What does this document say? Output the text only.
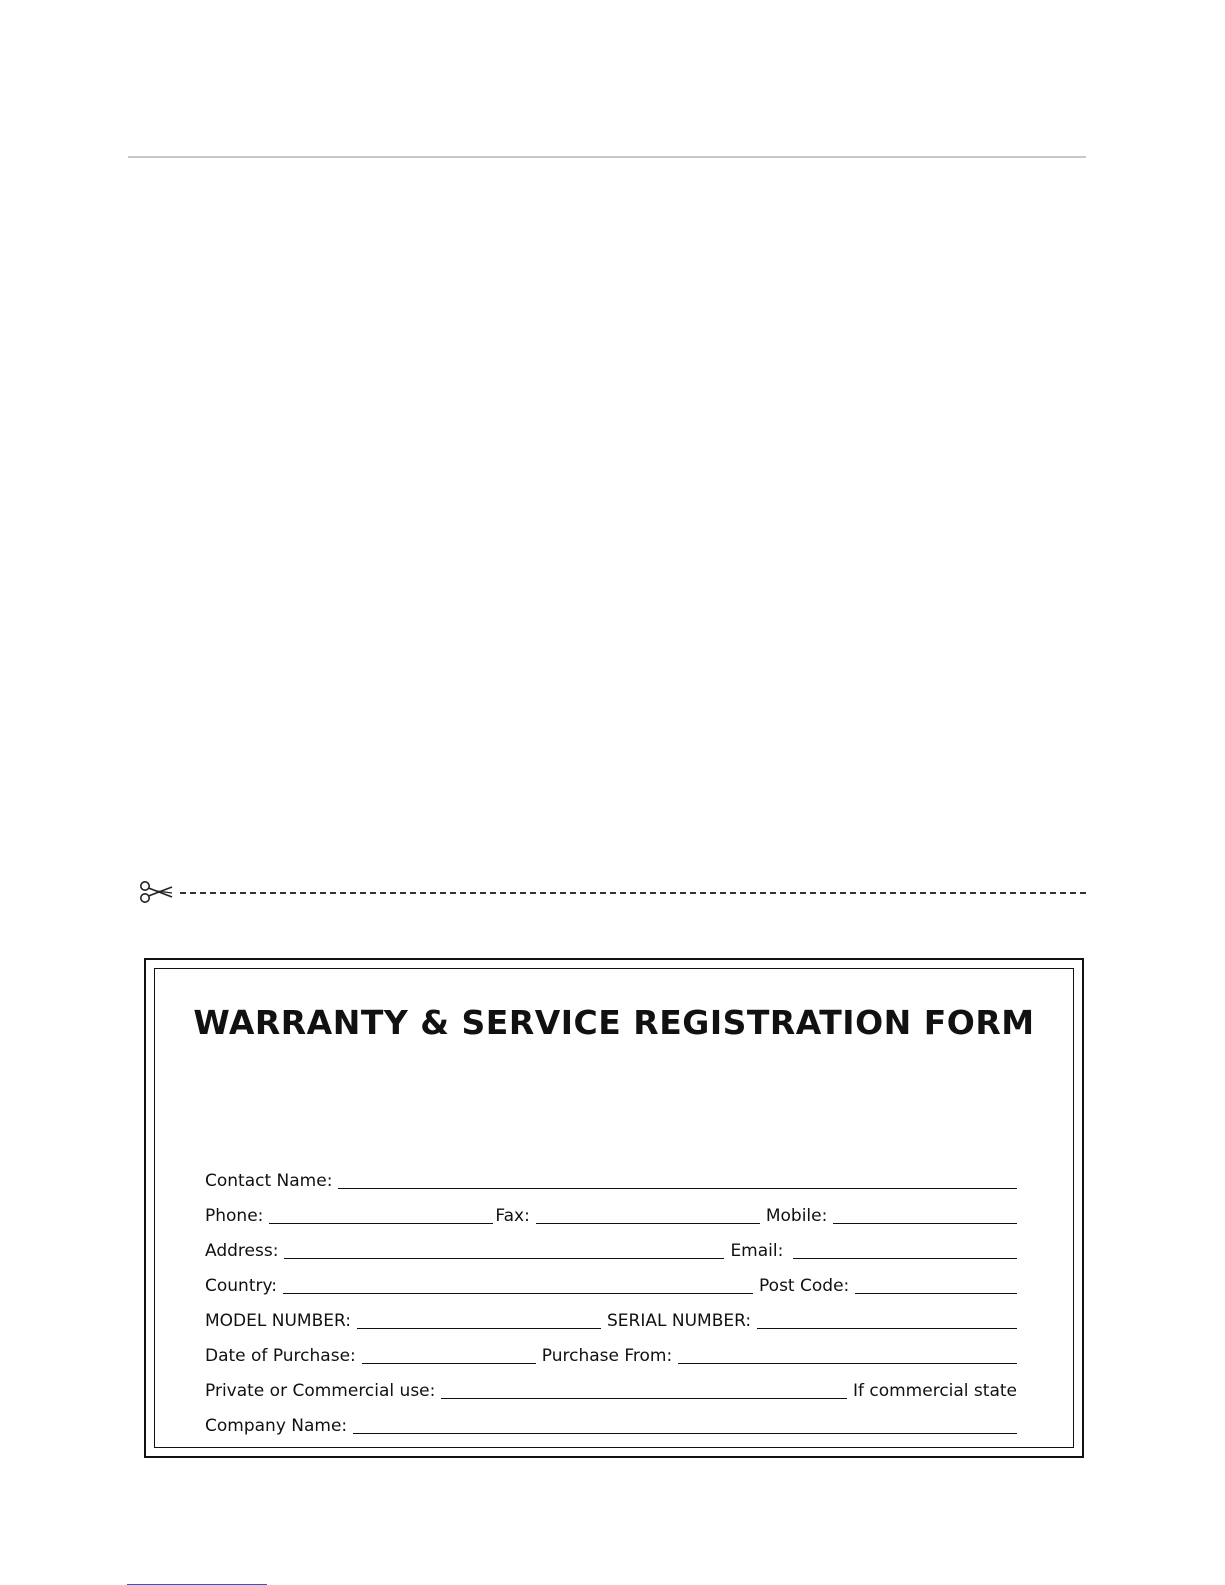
WARRANTY & SERVICE REGISTRATION FORM
Contact Name:
Phone:	Fax:	Mobile:
Address:	Email:
Country:	Post Code:
MODEL NUMBER:	SERIAL NUMBER:
Date of Purchase:	Purchase From:
Private or Commercial use:	If commercial state
Company Name:
